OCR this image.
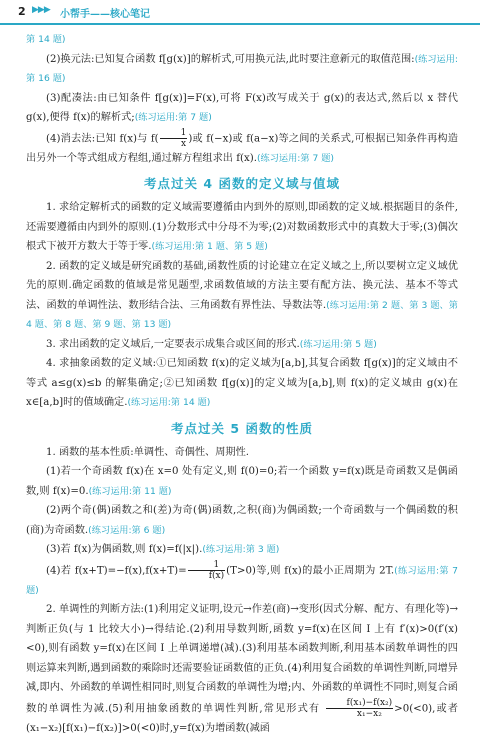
2 ▶▶▶ 小帮手——核心笔记

第 14 题)

(2)换元法:已知复合函数 f[g(x)]的解析式,可用换元法,此时要注意新元的取值范围:(练习运用:第 16 题)

(3)配凑法:由已知条件 f[g(x)]=F(x),可将 F(x)改写成关于 g(x)的表达式,然后以 x 替代 g(x),便得 f(x)的解析式;(练习运用:第 7 题)

(4)消去法:已知 f(x)与 $f( \frac{1}{x}$ )或 f(−x)或 f(a−x)等之间的关系式,可根据已知条件再构造出另外一个等式组成方程组,通过解方程组求出 f(x).(练习运用:第 7 题)

考点过关 4 函数的定义域与值域

1. 求给定解析式的函数的定义域需要遵循由内到外的原则,即函数的定义域.根据题目的条件,还需要遵循由内到外的原则.(1)分数形式中分母不为零;(2)对数函数形式中的真数大于零;(3)偶次根式下被开方数大于等于零.(练习运用:第 1 题、第 5 题)

2. 函数的定义域是研究函数的基础,函数性质的讨论建立在定义域之上,所以要树立定义域优先的原则.确定函数的值域是常见题型,求函数值域的方法主要有配方法、换元法、基本不等式法、函数的单调性法、数形结合法、三角函数有界性法、导数法等.(练习运用:第 2 题、第 3 题、第 4 题、第 8 题、第 9 题、第 13 题)

3. 求出函数的定义域后,一定要表示成集合或区间的形式.(练习运用:第 5 题)

4. 求抽象函数的定义域:①已知函数 f(x)的定义域为[a,b],其复合函数 f[g(x)]的定义域由不等式 a≤g(x)≤b 的解集确定;②已知函数 f[g(x)]的定义域为[a,b],则 f(x)的定义域由 g(x)在 x∈[a,b]时的值域确定.(练习运用:第 14 题)

考点过关 5 函数的性质

1. 函数的基本性质:单调性、奇偶性、周期性.

(1)若一个奇函数 f(x)在 x=0 处有定义,则 f(0)=0;若一个函数 y=f(x)既是奇函数又是偶函数,则 f(x)=0.(练习运用:第 11 题)

(2)两个奇(偶)函数之和(差)为奇(偶)函数,之积(商)为偶函数;一个奇函数与一个偶函数的积(商)为奇函数.(练习运用:第 6 题)

(3)若 f(x)为偶函数,则 f(x)=f(|x|).(练习运用:第 3 题)

(4)若 $f(x+T)=-f(x),f(x+T)= \frac{1}{f(x)} (T>0)$等,则 f(x)的最小正周期为 2T.(练习运用:第 7 题)

2. 单调性的判断方法:(1)利用定义证明,设元→作差(商)→变形(因式分解、配方、有理化等)→判断正负(与 1 比较大小)→得结论.(2)利用导数判断,函数 y=f(x)在区间 I 上有 f′(x)>0(f′(x)<0),则有函数 y=f(x)在区间 I 上单调递增(减).(3)利用基本函数判断,利用基本函数单调性的四则运算来判断,遇到函数的乘除时还需要验证函数值的正负.(4)利用复合函数的单调性判断,同增异减,即内、外函数的单调性相同时,则复合函数的单调性为增;内、外函数的单调性不同时,则复合函数的单调性为减.(5)利用抽象函数的单调性判断,常见形式有 $\frac{\text{f(x₁)−f(x₂)}}{\text{x₁−x₂}} >0(<0)$,或者(x₁−x₂)[f(x₁)−f(x₂)]>0(<0)时,y=f(x)为增函数(减函
